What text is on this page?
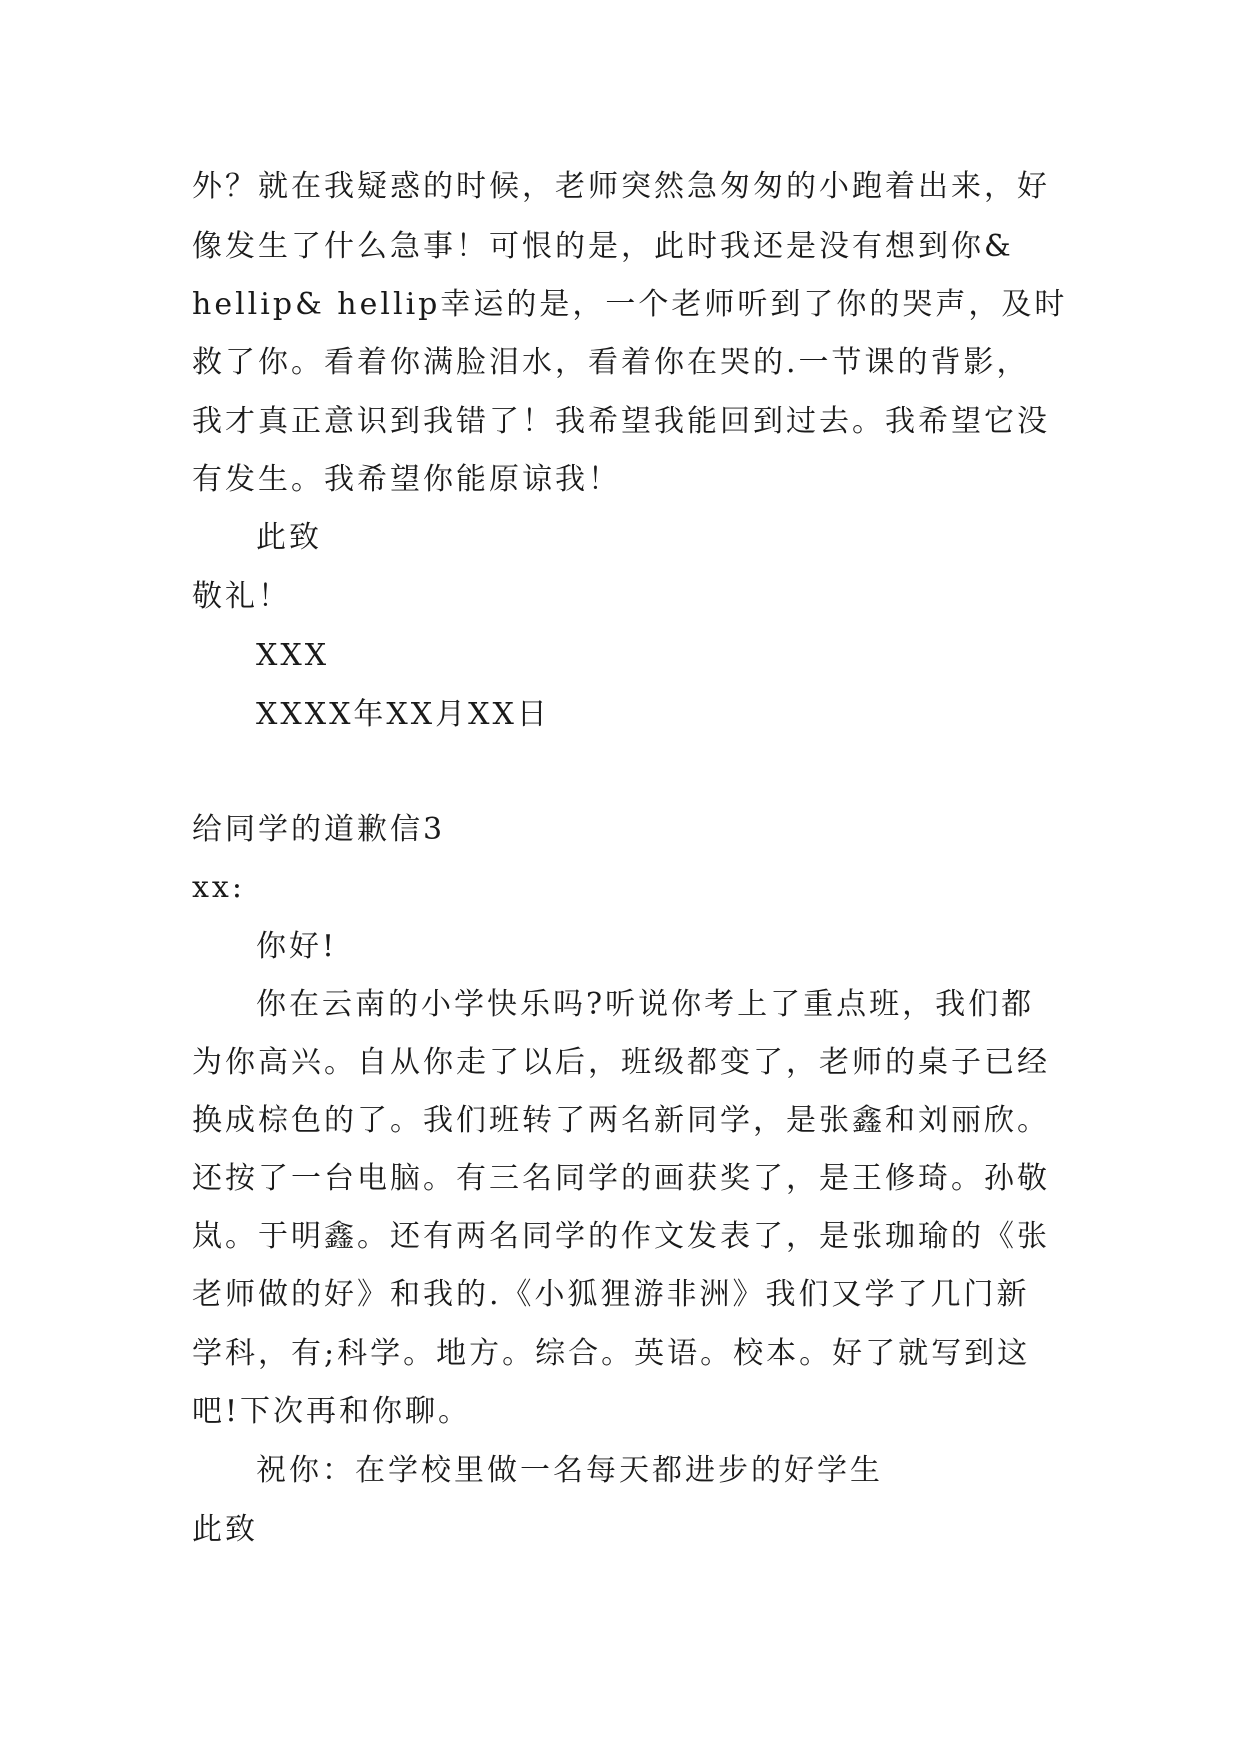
外？就在我疑惑的时候，老师突然急匆匆的小跑着出来，好
像发生了什么急事！可恨的是，此时我还是没有想到你&
hellip& hellip幸运的是，一个老师听到了你的哭声，及时
救了你。看着你满脸泪水，看着你在哭的.一节课的背影，
我才真正意识到我错了！我希望我能回到过去。我希望它没
有发生。我希望你能原谅我！
此致
敬礼！
XXX
XXXX年XX月XX日
给同学的道歉信3
xx:
你好!
你在云南的小学快乐吗?听说你考上了重点班，我们都
为你高兴。自从你走了以后，班级都变了，老师的桌子已经
换成棕色的了。我们班转了两名新同学，是张鑫和刘丽欣。
还按了一台电脑。有三名同学的画获奖了，是王修琦。孙敬
岚。于明鑫。还有两名同学的作文发表了，是张珈瑜的《张
老师做的好》和我的.《小狐狸游非洲》我们又学了几门新
学科，有;科学。地方。综合。英语。校本。好了就写到这
吧!下次再和你聊。
祝你：在学校里做一名每天都进步的好学生
此致
